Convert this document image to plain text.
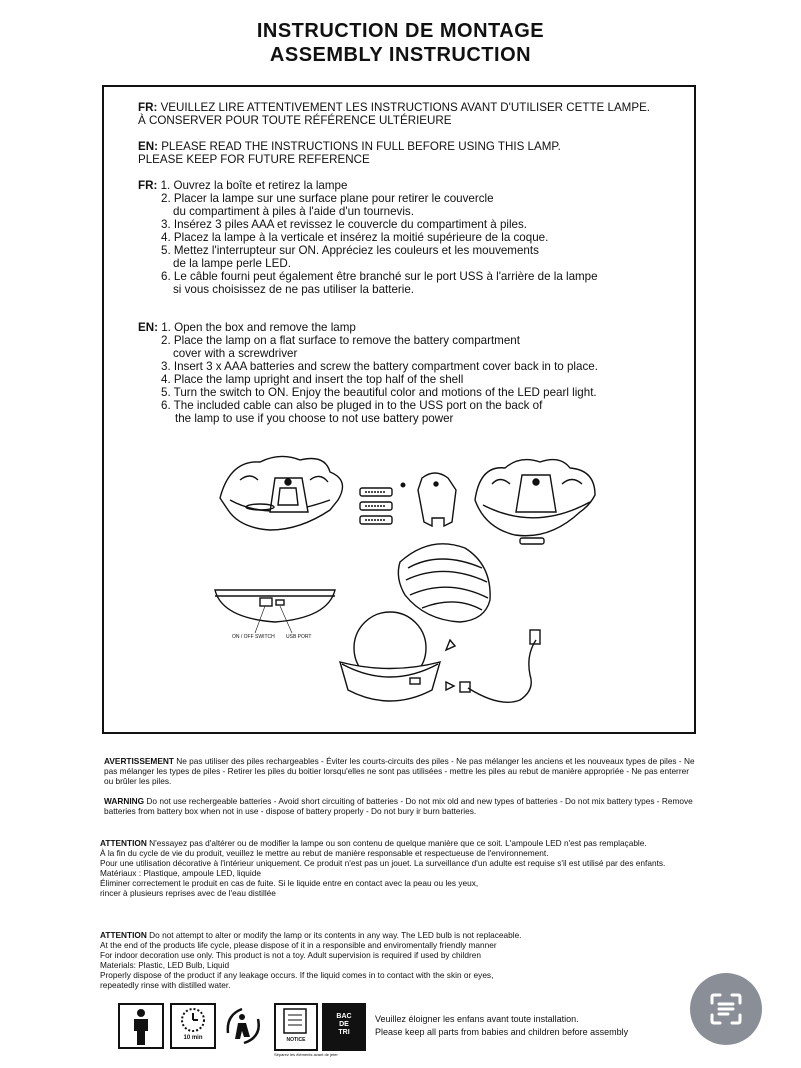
INSTRUCTION DE MONTAGE
ASSEMBLY INSTRUCTION
FR: VEUILLEZ LIRE ATTENTIVEMENT LES INSTRUCTIONS AVANT D'UTILISER CETTE LAMPE.
À CONSERVER POUR TOUTE RÉFÉRENCE ULTÉRIEURE
EN: PLEASE READ THE INSTRUCTIONS IN FULL BEFORE USING THIS LAMP.
PLEASE KEEP FOR FUTURE REFERENCE
FR: 1. Ouvrez la boîte et retirez la lampe
2. Placer la lampe sur une surface plane pour retirer le couvercle
du compartiment à piles à l'aide d'un tournevis.
3. Insérez 3 piles AAA et revissez le couvercle du compartiment à piles.
4. Placez la lampe à la verticale et insérez la moitié supérieure de la coque.
5. Mettez l'interrupteur sur ON. Appréciez les couleurs et les mouvements
de la lampe perle LED.
6. Le câble fourni peut également être branché sur le port USS à l'arrière de la lampe
si vous choisissez de ne pas utiliser la batterie.
EN: 1. Open the box and remove the lamp
2. Place the lamp on a flat surface to remove the battery compartment
cover with a screwdriver
3. Insert 3 x AAA batteries and screw the battery compartment cover back in to place.
4. Place the lamp upright and insert the top half of the shell
5. Turn the switch to ON. Enjoy the beautiful color and motions of the LED pearl light.
6. The included cable can also be pluged in to the USS port on the back of
the lamp to use if you choose to not use battery power
ON / OFF SWITCH USB PORT
AVERTISSEMENT Ne pas utiliser des piles rechargeables - Éviter les courts-circuits des piles - Ne pas mélanger les anciens et les nouveaux types de piles - Ne pas mélanger les types de piles - Retirer les piles du boitier lorsqu'elles ne sont pas utilisées - mettre les piles au rebut de manière appropriée - Ne pas enterrer ou brûler les piles.
WARNING Do not use rechergeable batteries - Avoid short circuiting of batteries - Do not mix old and new types of batteries - Do not mix battery types - Remove batteries from battery box when not in use - dispose of battery properly - Do not bury ir burn batteries.
ATTENTION N'essayez pas d'altérer ou de modifier la lampe ou son contenu de quelque manière que ce soit. L'ampoule LED n'est pas remplaçable.
À la fin du cycle de vie du produit, veuillez le mettre au rebut de manière responsable et respectueuse de l'environnement.
Pour une utilisation décorative à l'intérieur uniquement. Ce produit n'est pas un jouet. La surveillance d'un adulte est requise s'il est utilisé par des enfants.
Matériaux : Plastique, ampoule LED, liquide
Éliminer correctement le produit en cas de fuite. Si le liquide entre en contact avec la peau ou les yeux,
rincer à plusieurs reprises avec de l'eau distillée
ATTENTION Do not attempt to alter or modify the lamp or its contents in any way. The LED bulb is not replaceable.
At the end of the products life cycle, please dispose of it in a responsible and enviromentally friendly manner
For indoor decoration use only. This product is not a toy. Adult supervision is required if used by children
Materials: Plastic, LED Bulb, Liquid
Properly dispose of the product if any leakage occurs. If the liquid comes in to contact with the skin or eyes,
repeatedly rinse with distilled water.
10 min	NOTICE
BAC
DE
TRI
Séparez les éléments avant de jeter
Veuillez éloigner les enfans avant toute installation.
Please keep all parts from babies and children before assembly
